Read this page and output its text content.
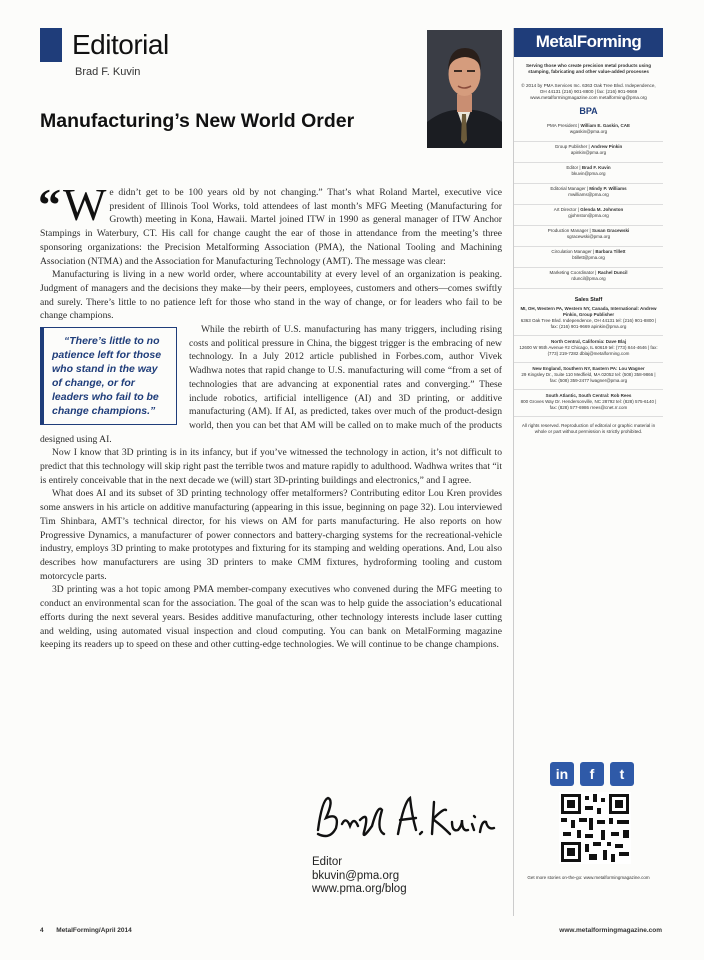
Editorial
Brad F. Kuvin
Manufacturing’s New World Order

“ W e didn’t get to be 100 years old by not changing.” That’s what Roland Martel, executive vice president of Illinois Tool Works, told attendees of last month’s MFG Meeting (Manufacturing for Growth) meeting in Kona, Hawaii. Martel joined ITW in 1990 as general manager of ITW Anchor Stampings in Waterbury, CT. His call for change caught the ear of those in attendance from the meeting’s three sponsoring organizations: the Precision Metalforming Association (PMA), the National Tooling and Machining Association (NTMA) and the Association for Manufacturing Technology (AMT). The message was clear:

Manufacturing is living in a new world order, where accountability at every level of an organization is peaking. Judgment of managers and the decisions they make—by their peers, employees, customers and others—comes swiftly and surely. There’s little to no patience left for those who stand in the way of change, or for leaders who fail to be change champions.

“There’s little to no patience left for those who stand in the way of change, or for leaders who fail to be change champions.”
While the rebirth of U.S. manufacturing has many triggers, including rising costs and political pressure in China, the biggest trigger is the embracing of new technology. In a July 2012 article published in Forbes.com, author Vivek Wadhwa notes that rapid change to U.S. manufacturing will come “from a set of technologies that are advancing at exponential rates and converging.” These include robotics, artificial intelligence (AI) and 3D printing, or additive manufacturing (AM). If AI, as predicted, takes over much of the product-design world, then you can bet that AM will be called on to make much of the products designed using AI.

Now I know that 3D printing is in its infancy, but if you’ve witnessed the technology in action, it’s not difficult to predict that this technology will skip right past the terrible twos and mature rapidly to adulthood. Wadhwa writes that “it is entirely conceivable that in the next decade we (will) start 3D-printing buildings and electronics,” and I agree.

What does AI and its subset of 3D printing technology offer metalformers? Contributing editor Lou Kren provides some answers in his article on additive manufacturing (appearing in this issue, beginning on page 32). Lou interviewed Tim Shinbara, AMT’s technical director, for his views on AM for parts manufacturing. He also reports on how Progressive Dynamics, a manufacturer of power connectors and battery-charging systems for the recreational-vehicle industry, employs 3D printing to make prototypes and fixturing for its stamping and welding operations. And, Lou also describes how manufacturers are using 3D printers to make CMM fixtures, hydroforming tooling and custom motorcycle parts.

3D printing was a hot topic among PMA member-company executives who convened during the MFG meeting to conduct an environmental scan for the association. The goal of the scan was to help guide the association’s educational efforts during the next several years. Besides additive manufacturing, other technology interests include laser cutting and welding, using automated visual inspection and cloud computing. You can bank on MetalForming magazine keeping its readers up to speed on these and other cutting-edge technologies. We will continue to be change champions.

Editor
bkuvin@pma.org
www.pma.org/blog
4 MetalForming/April 2014	www.metalformingmagazine.com
MetalForming
Serving those who create precision metal products using stamping, fabricating and other value-added processes
© 2014 by PMA Services Inc. 6363 Oak Tree Blvd. Independence, OH 44131 (216) 901-8800 | fax: (216) 901-9669 www.metalformingmagazine.com metalforming@pma.org
BPA
PMA President | William E. Gaskin, CAE
wgaskin@pma.org
Group Publisher | Andrew Pinkin
apinkin@pma.org
Editor | Brad F. Kuvin
bkuvin@pma.org
Editorial Manager | Mindy P. Williams
mwilliams@pma.org
Art Director | Glenda M. Johnston
gjohnston@pma.org
Production Manager | Susan Gracewski
sgracewski@pma.org
Circulation Manager | Barbara Tillett
btillett@pma.org
Marketing Coordinator | Rachel Duncil
rduncil@pma.org
Sales Staff
MI, OH, Western PA, Western NY, Canada, International: Andrew Pinkin, Group Publisher
6363 Oak Tree Blvd. Independence, OH 44131 tel: (216) 901-8800 | fax: (216) 901-9669 apinkin@pma.org
North Central, California: Dave Blaj
12600 W 95th Avenue #2 Chicago, IL 60619 tel: (773) 844-4646 | fax: (773) 219-7282 dblaj@metalforming.com
New England, Southern NY, Eastern PA: Lou Wagner
29 Kingsley Dr., Suite 110 Medfield, MA 02052 tel: (508) 358-9866 | fax: (508) 359-2477 lwagner@pma.org
South Atlantic, South Central: Rob Rees
800 Groves Way Dr. Hendersonville, NC 28792 tel: (828) 575-6140 | fax: (828) 577-6986 rrees@cnet.rr.com
All rights reserved. Reproduction of editorial or graphic material in whole or part without permission is strictly prohibited.
in	f	t
Get more stories on-the-go: www.metalformingmagazine.com
